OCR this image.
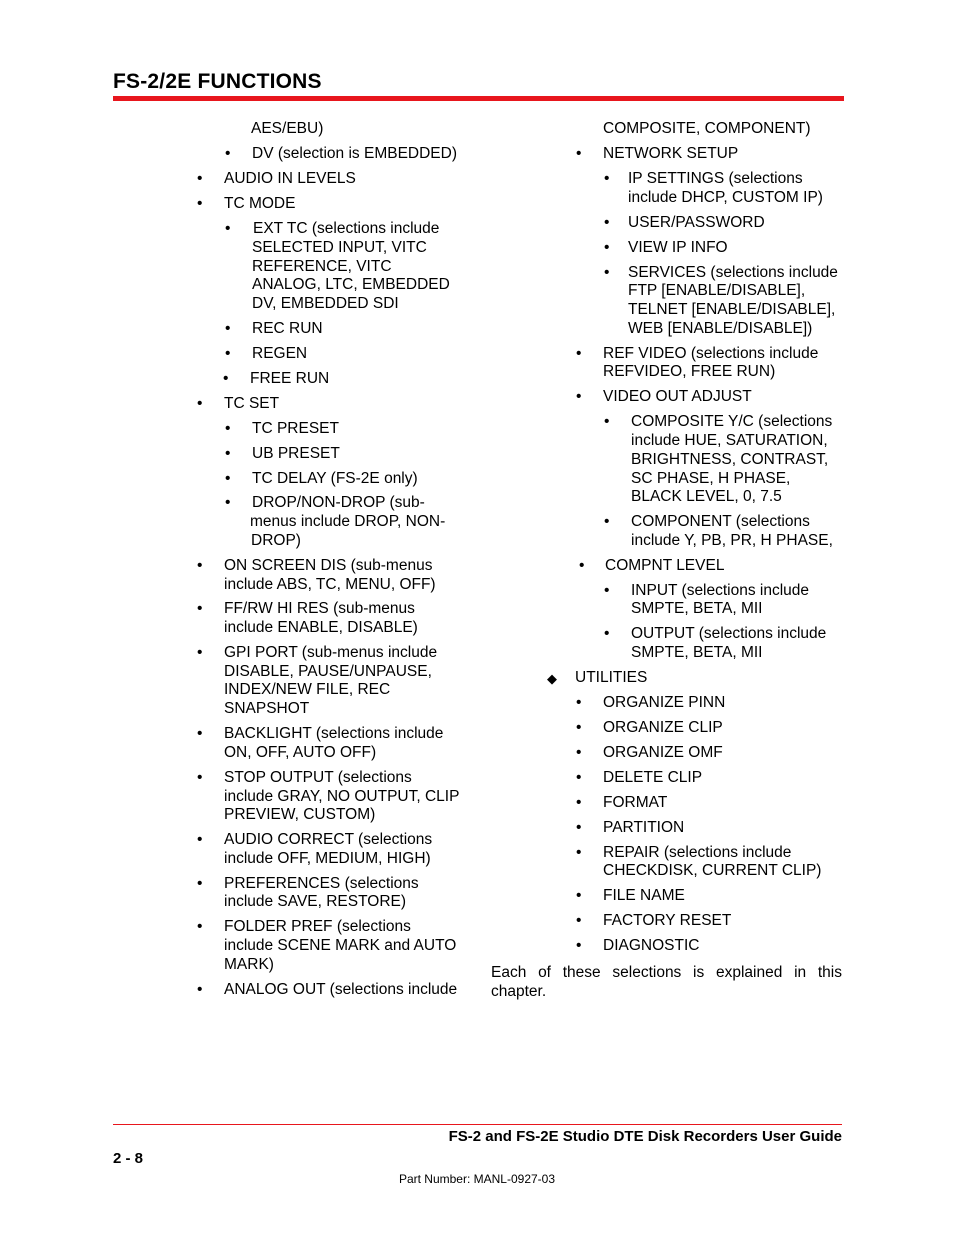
FS-2/2E FUNCTIONS
AES/EBU)
• DV (selection is EMBEDDED)
• AUDIO IN LEVELS
• TC MODE
• EXT TC (selections include
SELECTED INPUT, VITC
REFERENCE, VITC
ANALOG, LTC, EMBEDDED
DV, EMBEDDED SDI
• REC RUN
• REGEN
• FREE RUN
• TC SET
• TC PRESET
• UB PRESET
• TC DELAY (FS-2E only)
• DROP/NON-DROP (sub-
menus include DROP, NON-
DROP)
• ON SCREEN DIS (sub-menus
include ABS, TC, MENU, OFF)
• FF/RW HI RES (sub-menus
include ENABLE, DISABLE)
• GPI PORT (sub-menus include
DISABLE, PAUSE/UNPAUSE,
INDEX/NEW FILE, REC
SNAPSHOT
• BACKLIGHT (selections include
ON, OFF, AUTO OFF)
• STOP OUTPUT (selections
include GRAY, NO OUTPUT, CLIP
PREVIEW, CUSTOM)
• AUDIO CORRECT (selections
include OFF, MEDIUM, HIGH)
• PREFERENCES (selections
include SAVE, RESTORE)
• FOLDER PREF (selections
include SCENE MARK and AUTO
MARK)
• ANALOG OUT (selections include
COMPOSITE, COMPONENT)
• NETWORK SETUP
• IP SETTINGS (selections
include DHCP, CUSTOM IP)
• USER/PASSWORD
• VIEW IP INFO
• SERVICES (selections include
FTP [ENABLE/DISABLE],
TELNET [ENABLE/DISABLE],
WEB [ENABLE/DISABLE])
• REF VIDEO (selections include
REFVIDEO, FREE RUN)
• VIDEO OUT ADJUST
• COMPOSITE Y/C (selections
include HUE, SATURATION,
BRIGHTNESS, CONTRAST,
SC PHASE, H PHASE,
BLACK LEVEL, 0, 7.5
• COMPONENT (selections
include Y, PB, PR, H PHASE,
• COMPNT LEVEL
• INPUT (selections include
SMPTE, BETA, MII
• OUTPUT (selections include
SMPTE, BETA, MII
◆ UTILITIES
• ORGANIZE PINN
• ORGANIZE CLIP
• ORGANIZE OMF
• DELETE CLIP
• FORMAT
• PARTITION
• REPAIR (selections include
CHECKDISK, CURRENT CLIP)
• FILE NAME
• FACTORY RESET
• DIAGNOSTIC
Each of these selections is explained in this chapter.
FS-2 and FS-2E Studio DTE Disk Recorders User Guide
2 - 8
Part Number: MANL-0927-03
